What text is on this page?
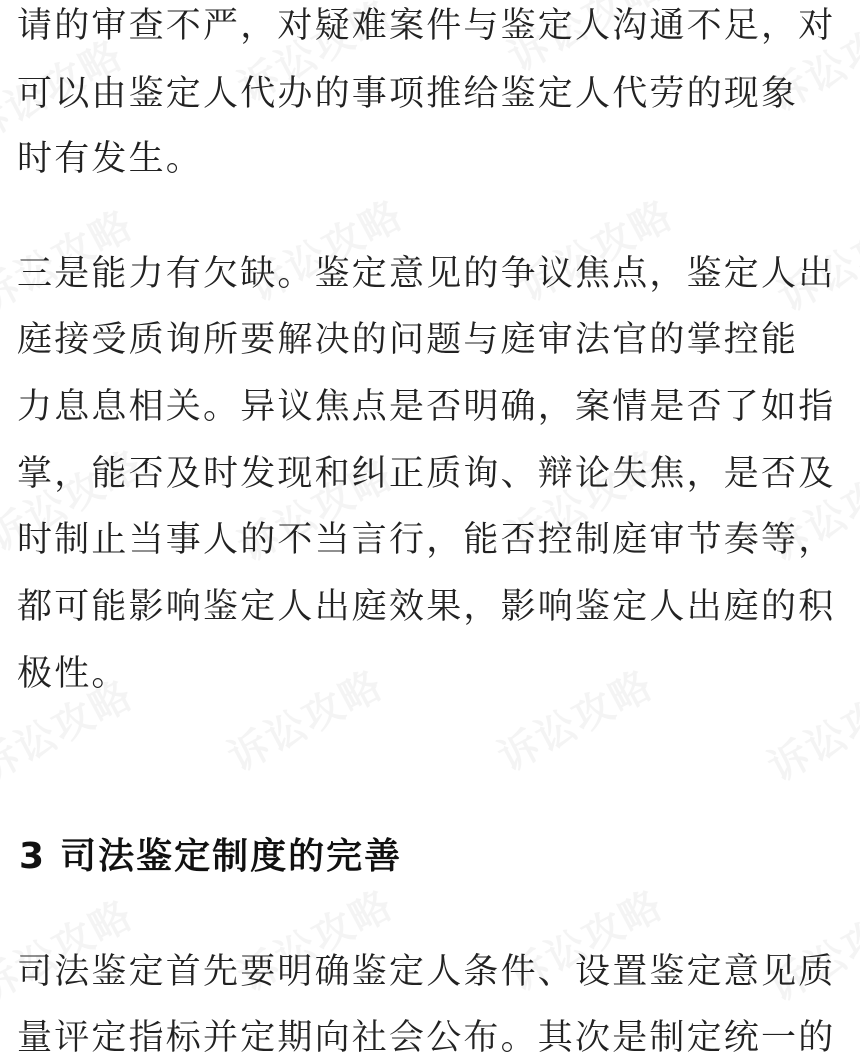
请的审查不严，对疑难案件与鉴定人沟通不足，对

可以由鉴定人代办的事项推给鉴定人代劳的现象

时有发生。

三是能力有欠缺。鉴定意见的争议焦点，鉴定人出

庭接受质询所要解决的问题与庭审法官的掌控能

力息息相关。异议焦点是否明确，案情是否了如指

掌，能否及时发现和纠正质询、辩论失焦，是否及

时制止当事人的不当言行，能否控制庭审节奏等，

都可能影响鉴定人出庭效果，影响鉴定人出庭的积

极性。

3 司法鉴定制度的完善

司法鉴定首先要明确鉴定人条件、设置鉴定意见质

量评定指标并定期向社会公布。其次是制定统一的
